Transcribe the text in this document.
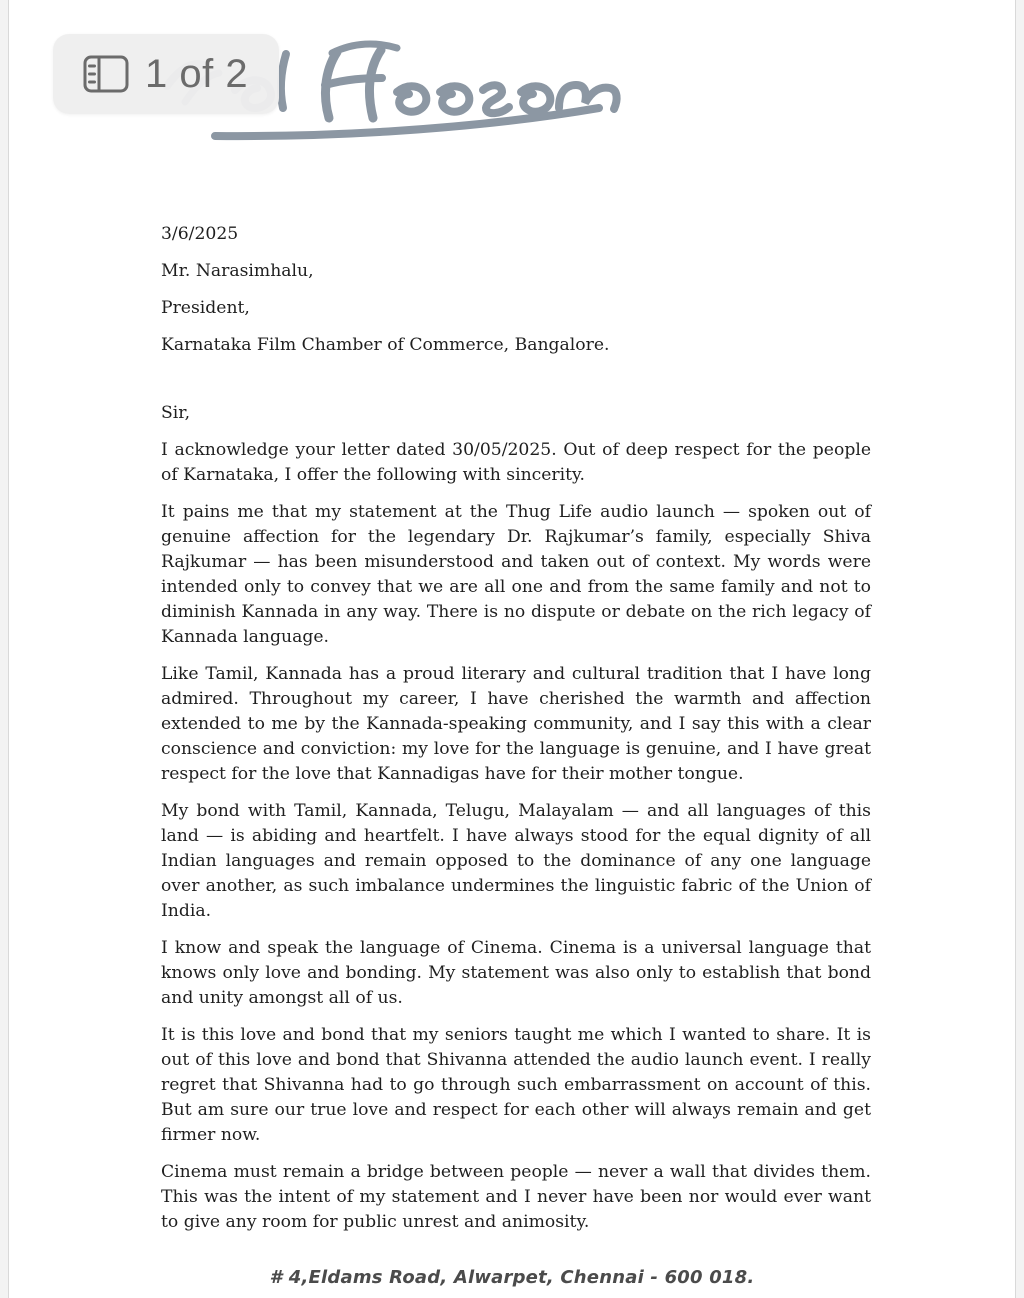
3/6/2025
Mr. Narasimhalu,
President,
Karnataka Film Chamber of Commerce, Bangalore.
Sir,

I acknowledge your letter dated 30/05/2025. Out of deep respect for the people of Karnataka, I offer the following with sincerity.

It pains me that my statement at the Thug Life audio launch — spoken out of genuine affection for the legendary Dr. Rajkumar’s family, especially Shiva Rajkumar — has been misunderstood and taken out of context. My words were intended only to convey that we are all one and from the same family and not to diminish Kannada in any way. There is no dispute or debate on the rich legacy of Kannada language.

Like Tamil, Kannada has a proud literary and cultural tradition that I have long admired. Throughout my career, I have cherished the warmth and affection extended to me by the Kannada-speaking community, and I say this with a clear conscience and conviction: my love for the language is genuine, and I have great respect for the love that Kannadigas have for their mother tongue.

My bond with Tamil, Kannada, Telugu, Malayalam — and all languages of this land — is abiding and heartfelt. I have always stood for the equal dignity of all Indian languages and remain opposed to the dominance of any one language over another, as such imbalance undermines the linguistic fabric of the Union of India.

I know and speak the language of Cinema. Cinema is a universal language that knows only love and bonding. My statement was also only to establish that bond and unity amongst all of us.

It is this love and bond that my seniors taught me which I wanted to share. It is out of this love and bond that Shivanna attended the audio launch event. I really regret that Shivanna had to go through such embarrassment on account of this. But am sure our true love and respect for each other will always remain and get firmer now.

Cinema must remain a bridge between people — never a wall that divides them. This was the intent of my statement and I never have been nor would ever want to give any room for public unrest and animosity.

# 4,Eldams Road, Alwarpet, Chennai - 600 018.
1 of 2
